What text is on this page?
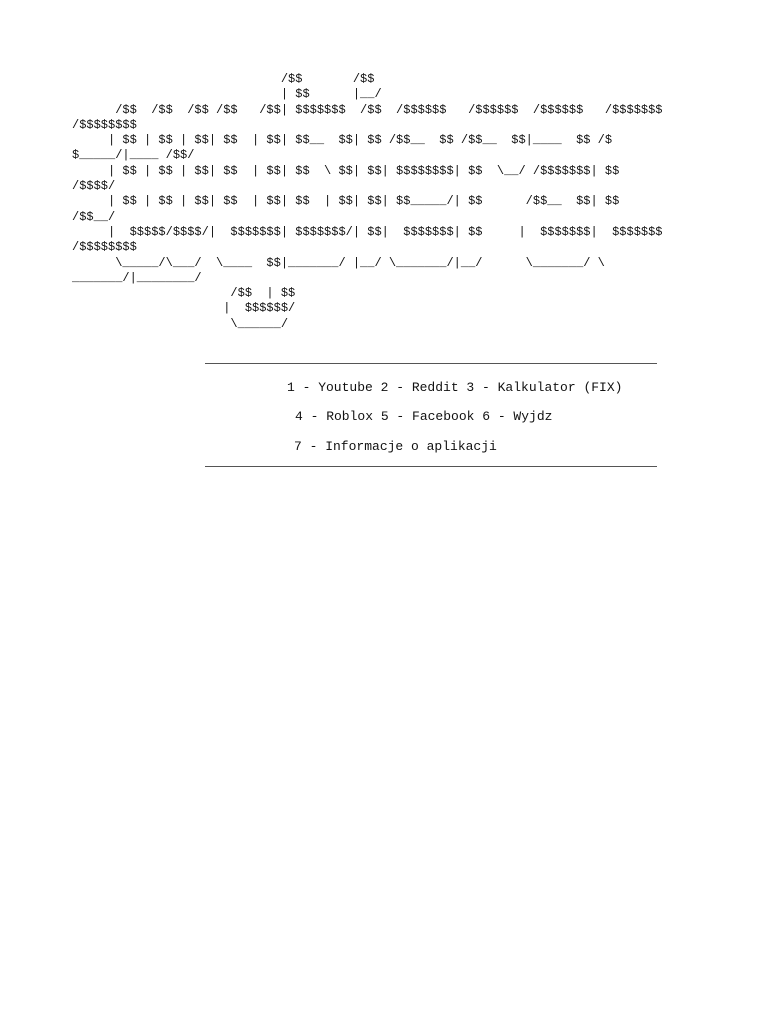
/$$       /$$
| $$      |__/
/$$  /$$  /$$ /$$   /$$| $$$$$$$  /$$  /$$$$$$   /$$$$$$  /$$$$$$   /$$$$$$$
/$$$$$$$$
| $$ | $$ | $$| $$  | $$| $$__  $$| $$ /$$__  $$ /$$__  $$|____  $$ /$
$_____/|____ /$$/
| $$ | $$ | $$| $$  | $$| $$  \ $$| $$| $$$$$$$$| $$  \__/ /$$$$$$$| $$
/$$$$/
| $$ | $$ | $$| $$  | $$| $$  | $$| $$| $$_____/| $$      /$$__  $$| $$
/$$__/
|  $$$$$/$$$$/|  $$$$$$$| $$$$$$$/| $$|  $$$$$$$| $$     |  $$$$$$$|  $$$$$$$
/$$$$$$$$
\_____/\___/  \____  $$|_______/ |__/ \_______/|__/      \_______/ \
_______/|________/
/$$  | $$
|  $$$$$$/
\______/
1 - Youtube 2 - Reddit 3 - Kalkulator (FIX)
4 - Roblox 5 - Facebook 6 - Wyjdz
7 - Informacje o aplikacji
